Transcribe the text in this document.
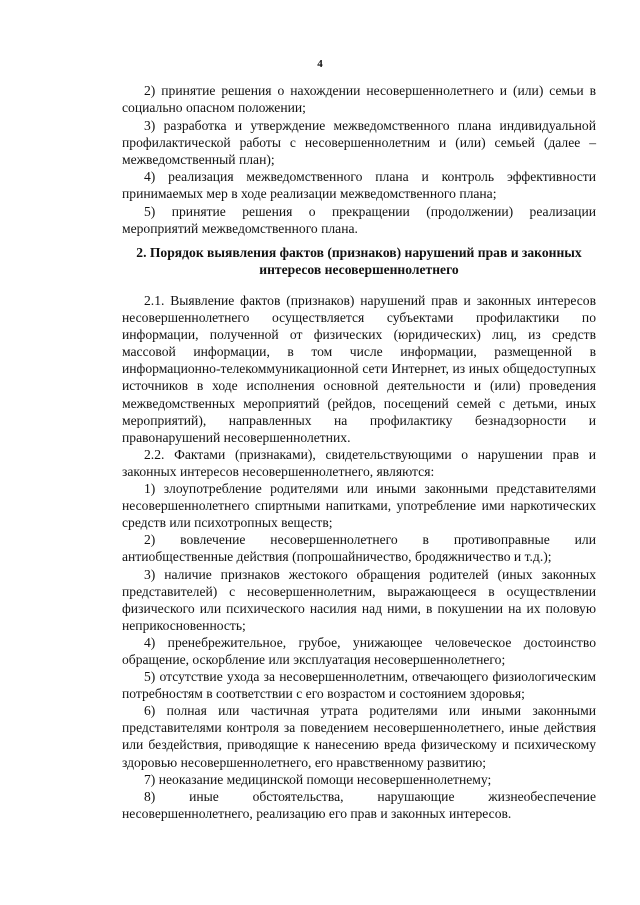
4

2) принятие решения о нахождении несовершеннолетнего и (или) семьи в социально опасном положении;

3) разработка и утверждение межведомственного плана индивидуальной профилактической работы с несовершеннолетним и (или) семьей (далее – межведомственный план);

4) реализация межведомственного плана и контроль эффективности принимаемых мер в ходе реализации межведомственного плана;

5) принятие решения о прекращении (продолжении) реализации мероприятий межведомственного плана.

2. Порядок выявления фактов (признаков) нарушений прав и законных интересов несовершеннолетнего

2.1. Выявление фактов (признаков) нарушений прав и законных интересов несовершеннолетнего осуществляется субъектами профилактики по информации, полученной от физических (юридических) лиц, из средств массовой информации, в том числе информации, размещенной в информационно-телекоммуникационной сети Интернет, из иных общедоступных источников в ходе исполнения основной деятельности и (или) проведения межведомственных мероприятий (рейдов, посещений семей с детьми, иных мероприятий), направленных на профилактику безнадзорности и правонарушений несовершеннолетних.

2.2. Фактами (признаками), свидетельствующими о нарушении прав и законных интересов несовершеннолетнего, являются:

1) злоупотребление родителями или иными законными представителями несовершеннолетнего спиртными напитками, употребление ими наркотических средств или психотропных веществ;

2) вовлечение несовершеннолетнего в противоправные или антиобщественные действия (попрошайничество, бродяжничество и т.д.);

3) наличие признаков жестокого обращения родителей (иных законных представителей) с несовершеннолетним, выражающееся в осуществлении физического или психического насилия над ними, в покушении на их половую неприкосновенность;

4) пренебрежительное, грубое, унижающее человеческое достоинство обращение, оскорбление или эксплуатация несовершеннолетнего;

5) отсутствие ухода за несовершеннолетним, отвечающего физиологическим потребностям в соответствии с его возрастом и состоянием здоровья;

6) полная или частичная утрата родителями или иными законными представителями контроля за поведением несовершеннолетнего, иные действия или бездействия, приводящие к нанесению вреда физическому и психическому здоровью несовершеннолетнего, его нравственному развитию;

7) неоказание медицинской помощи несовершеннолетнему;

8) иные обстоятельства, нарушающие жизнеобеспечение несовершеннолетнего, реализацию его прав и законных интересов.
